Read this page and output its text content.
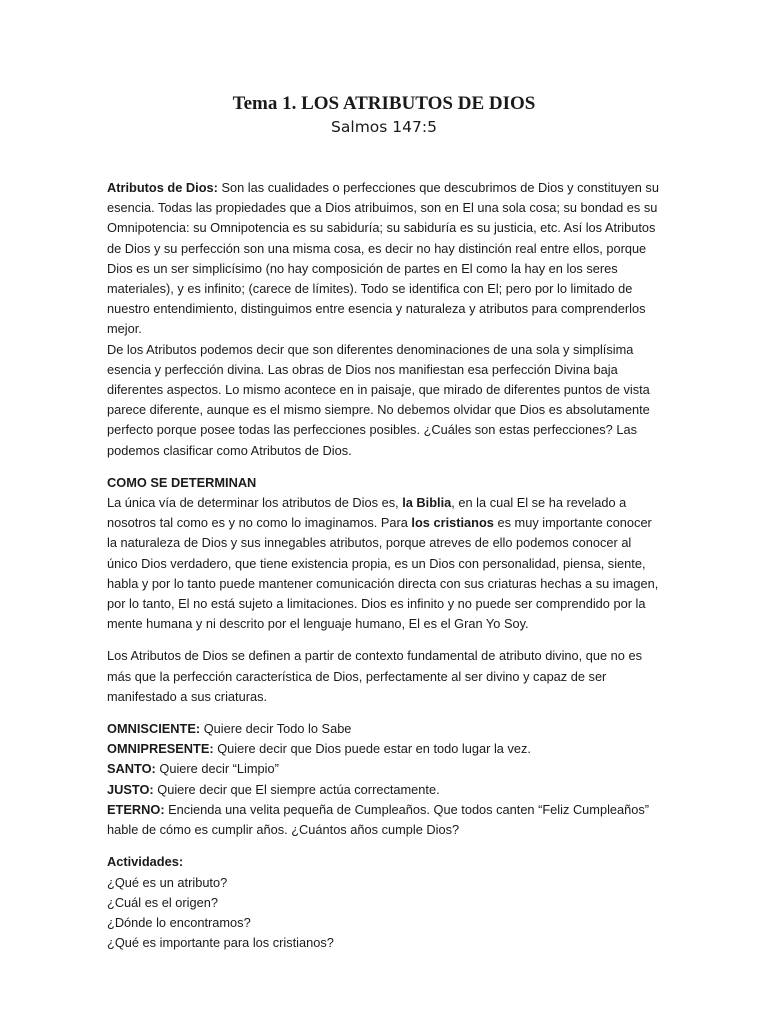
Tema 1. LOS ATRIBUTOS DE DIOS
Salmos 147:5

Atributos de Dios: Son las cualidades o perfecciones que descubrimos de Dios y constituyen su esencia. Todas las propiedades que a Dios atribuimos, son en El una sola cosa; su bondad es su Omnipotencia: su Omnipotencia es su sabiduría; su sabiduría es su justicia, etc. Así los Atributos de Dios y su perfección son una misma cosa, es decir no hay distinción real entre ellos, porque Dios es un ser simplicísimo (no hay composición de partes en El como la hay en los seres materiales), y es infinito; (carece de límites). Todo se identifica con El; pero por lo limitado de nuestro entendimiento, distinguimos entre esencia y naturaleza y atributos para comprenderlos mejor.

De los Atributos podemos decir que son diferentes denominaciones de una sola y simplísima esencia y perfección divina. Las obras de Dios nos manifiestan esa perfección Divina baja diferentes aspectos. Lo mismo acontece en in paisaje, que mirado de diferentes puntos de vista parece diferente, aunque es el mismo siempre. No debemos olvidar que Dios es absolutamente perfecto porque posee todas las perfecciones posibles. ¿Cuáles son estas perfecciones? Las podemos clasificar como Atributos de Dios.

COMO SE DETERMINAN

La única vía de determinar los atributos de Dios es, la Biblia, en la cual El se ha revelado a nosotros tal como es y no como lo imaginamos. Para los cristianos es muy importante conocer la naturaleza de Dios y sus innegables atributos, porque atreves de ello podemos conocer al único Dios verdadero, que tiene existencia propia, es un Dios con personalidad, piensa, siente, habla y por lo tanto puede mantener comunicación directa con sus criaturas hechas a su imagen, por lo tanto, El no está sujeto a limitaciones. Dios es infinito y no puede ser comprendido por la mente humana y ni descrito por el lenguaje humano, El es el Gran Yo Soy.

Los Atributos de Dios se definen a partir de contexto fundamental de atributo divino, que no es más que la perfección característica de Dios, perfectamente al ser divino y capaz de ser manifestado a sus criaturas.

OMNISCIENTE: Quiere decir Todo lo Sabe

OMNIPRESENTE: Quiere decir que Dios puede estar en todo lugar la vez.

SANTO: Quiere decir “Limpio”

JUSTO: Quiere decir que El siempre actúa correctamente.

ETERNO: Encienda una velita pequeña de Cumpleaños. Que todos canten “Feliz Cumpleaños” hable de cómo es cumplir años. ¿Cuántos años cumple Dios?

Actividades:

¿Qué es un atributo?

¿Cuál es el origen?

¿Dónde lo encontramos?

¿Qué es importante para los cristianos?
